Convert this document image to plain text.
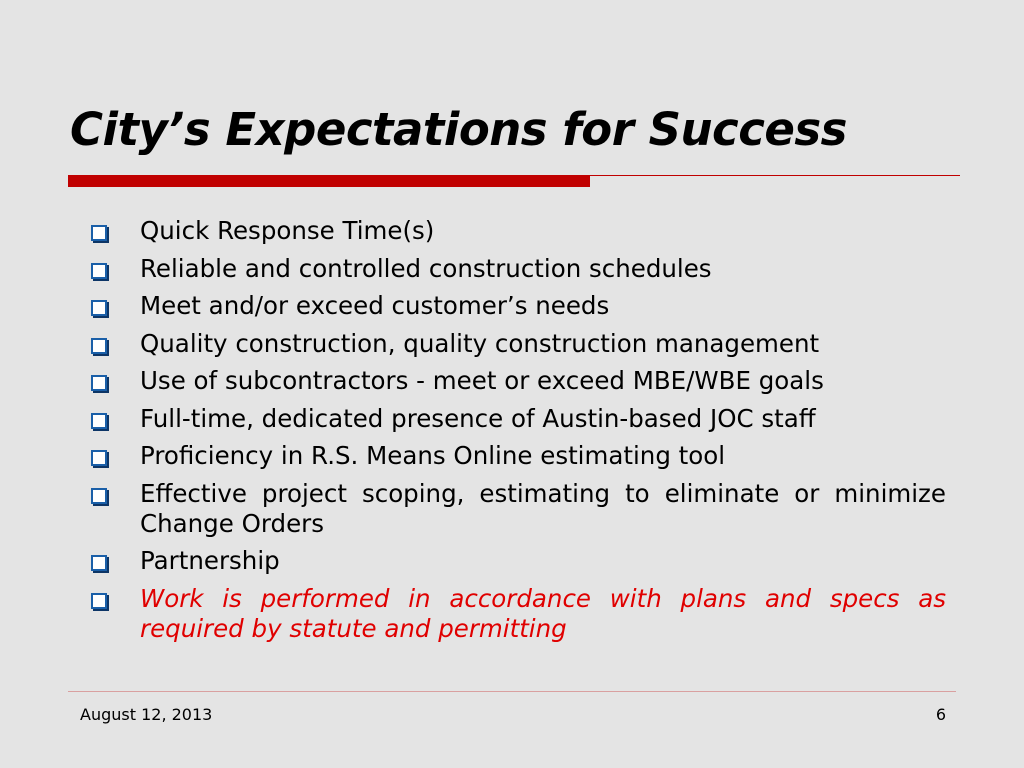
City’s Expectations for Success
Quick Response Time(s)
Reliable and controlled construction schedules
Meet and/or exceed customer’s needs
Quality construction, quality construction management
Use of subcontractors - meet or exceed MBE/WBE goals
Full-time, dedicated presence of Austin-based JOC staff
Proficiency in R.S. Means Online estimating tool
Effective project scoping, estimating to eliminate or minimize Change Orders
Partnership
Work is performed in accordance with plans and specs as required by statute and permitting
August 12, 2013	6
